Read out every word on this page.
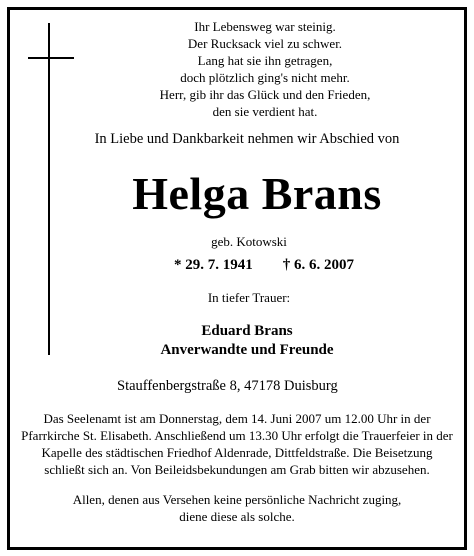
Ihr Lebensweg war steinig.
Der Rucksack viel zu schwer.
Lang hat sie ihn getragen,
doch plötzlich ging's nicht mehr.
Herr, gib ihr das Glück und den Frieden,
den sie verdient hat.
In Liebe und Dankbarkeit nehmen wir Abschied von
Helga Brans
geb. Kotowski
* 29. 7. 1941 † 6. 6. 2007
In tiefer Trauer:
Eduard Brans
Anverwandte und Freunde
Stauffenbergstraße 8, 47178 Duisburg
Das Seelenamt ist am Donnerstag, dem 14. Juni 2007 um 12.00 Uhr in der
Pfarrkirche St. Elisabeth. Anschließend um 13.30 Uhr erfolgt die Trauerfeier in der
Kapelle des städtischen Friedhof Aldenrade, Dittfeldstraße. Die Beisetzung
schließt sich an. Von Beileidsbekundungen am Grab bitten wir abzusehen.
Allen, denen aus Versehen keine persönliche Nachricht zuging,
diene diese als solche.
